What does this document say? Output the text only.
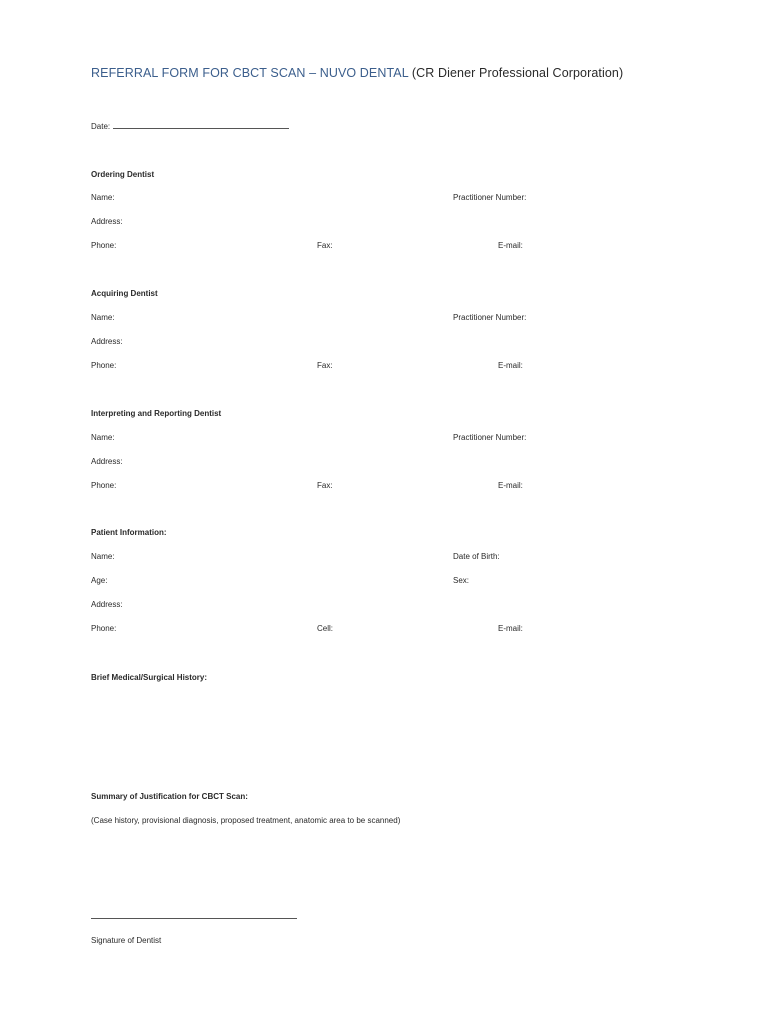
REFERRAL FORM FOR CBCT SCAN – NUVO DENTAL (CR Diener Professional Corporation)
Date:
Ordering Dentist
Name:	Practitioner Number:
Address:
Phone:	Fax:	E-mail:
Acquiring Dentist
Name:	Practitioner Number:
Address:
Phone:	Fax:	E-mail:
Interpreting and Reporting Dentist
Name:	Practitioner Number:
Address:
Phone:	Fax:	E-mail:
Patient Information:
Name:	Date of Birth:
Age:	Sex:
Address:
Phone:	Cell:	E-mail:
Brief Medical/Surgical History:
Summary of Justification for CBCT Scan:
(Case history, provisional diagnosis, proposed treatment, anatomic area to be scanned)
Signature of Dentist
